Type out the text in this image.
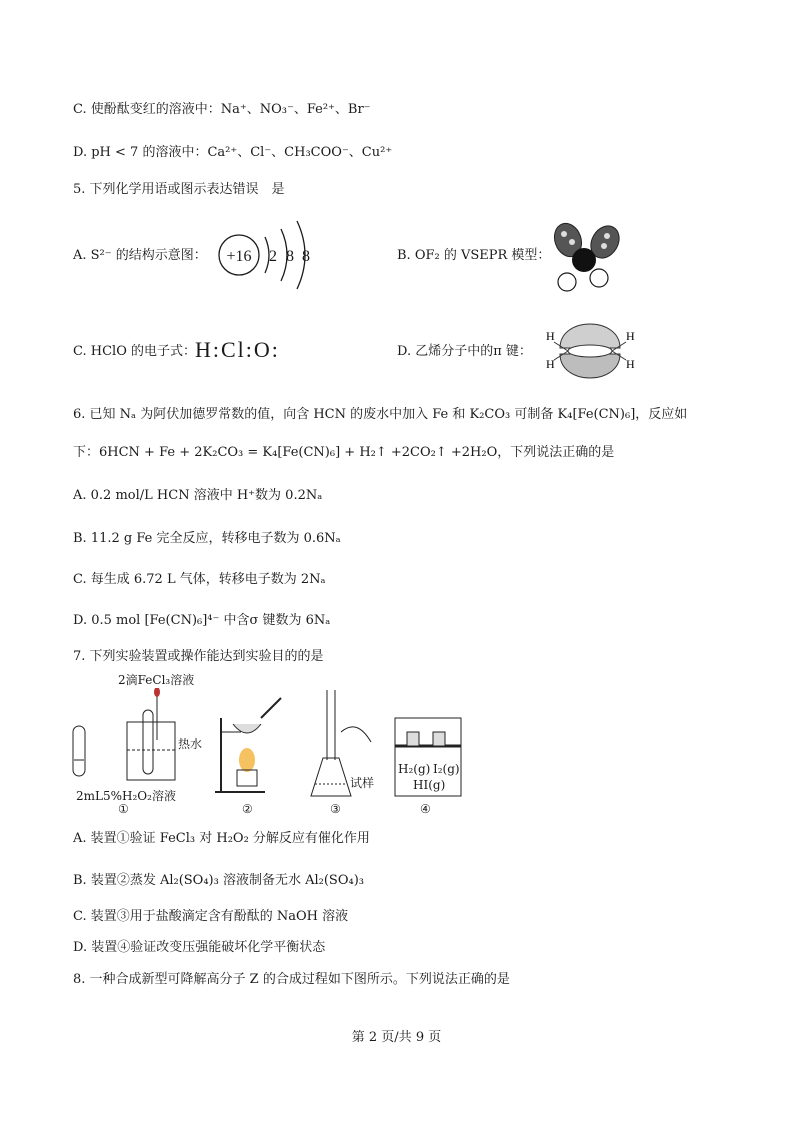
C. 使酚酞变红的溶液中：Na⁺、NO₃⁻、Fe²⁺、Br⁻
D. pH < 7 的溶液中：Ca²⁺、Cl⁻、CH₃COO⁻、Cu²⁺
5. 下列化学用语或图示表达错误　是
A. S²⁻ 的结构示意图： +16 2 8 8	B. OF₂ 的 VSEPR 模型：
C. HClO 的电子式： H:Cl:O:	D. 乙烯分子中的π 键：
H
H
H
H
6. 已知 Nₐ 为阿伏加德罗常数的值，向含 HCN 的废水中加入 Fe 和 K₂CO₃ 可制备 K₄[Fe(CN)₆]，反应如
下：6HCN + Fe + 2K₂CO₃ = K₄[Fe(CN)₆] + H₂↑ +2CO₂↑ +2H₂O，下列说法正确的是
A. 0.2 mol/L HCN 溶液中 H⁺数为 0.2Nₐ
B. 11.2 g Fe 完全反应，转移电子数为 0.6Nₐ
C. 每生成 6.72 L 气体，转移电子数为 2Nₐ
D. 0.5 mol [Fe(CN)₆]⁴⁻ 中含σ 键数为 6Nₐ
7. 下列实验装置或操作能达到实验目的的是
2滴FeCl₃溶液
热水
2mL5%H₂O₂溶液
试样
H₂(g) I₂(g)
HI(g)
①	②	③	④
A. 装置①验证 FeCl₃ 对 H₂O₂ 分解反应有催化作用
B. 装置②蒸发 Al₂(SO₄)₃ 溶液制备无水 Al₂(SO₄)₃
C. 装置③用于盐酸滴定含有酚酞的 NaOH 溶液
D. 装置④验证改变压强能破坏化学平衡状态
8. 一种合成新型可降解高分子 Z 的合成过程如下图所示。下列说法正确的是
第 2 页/共 9 页
